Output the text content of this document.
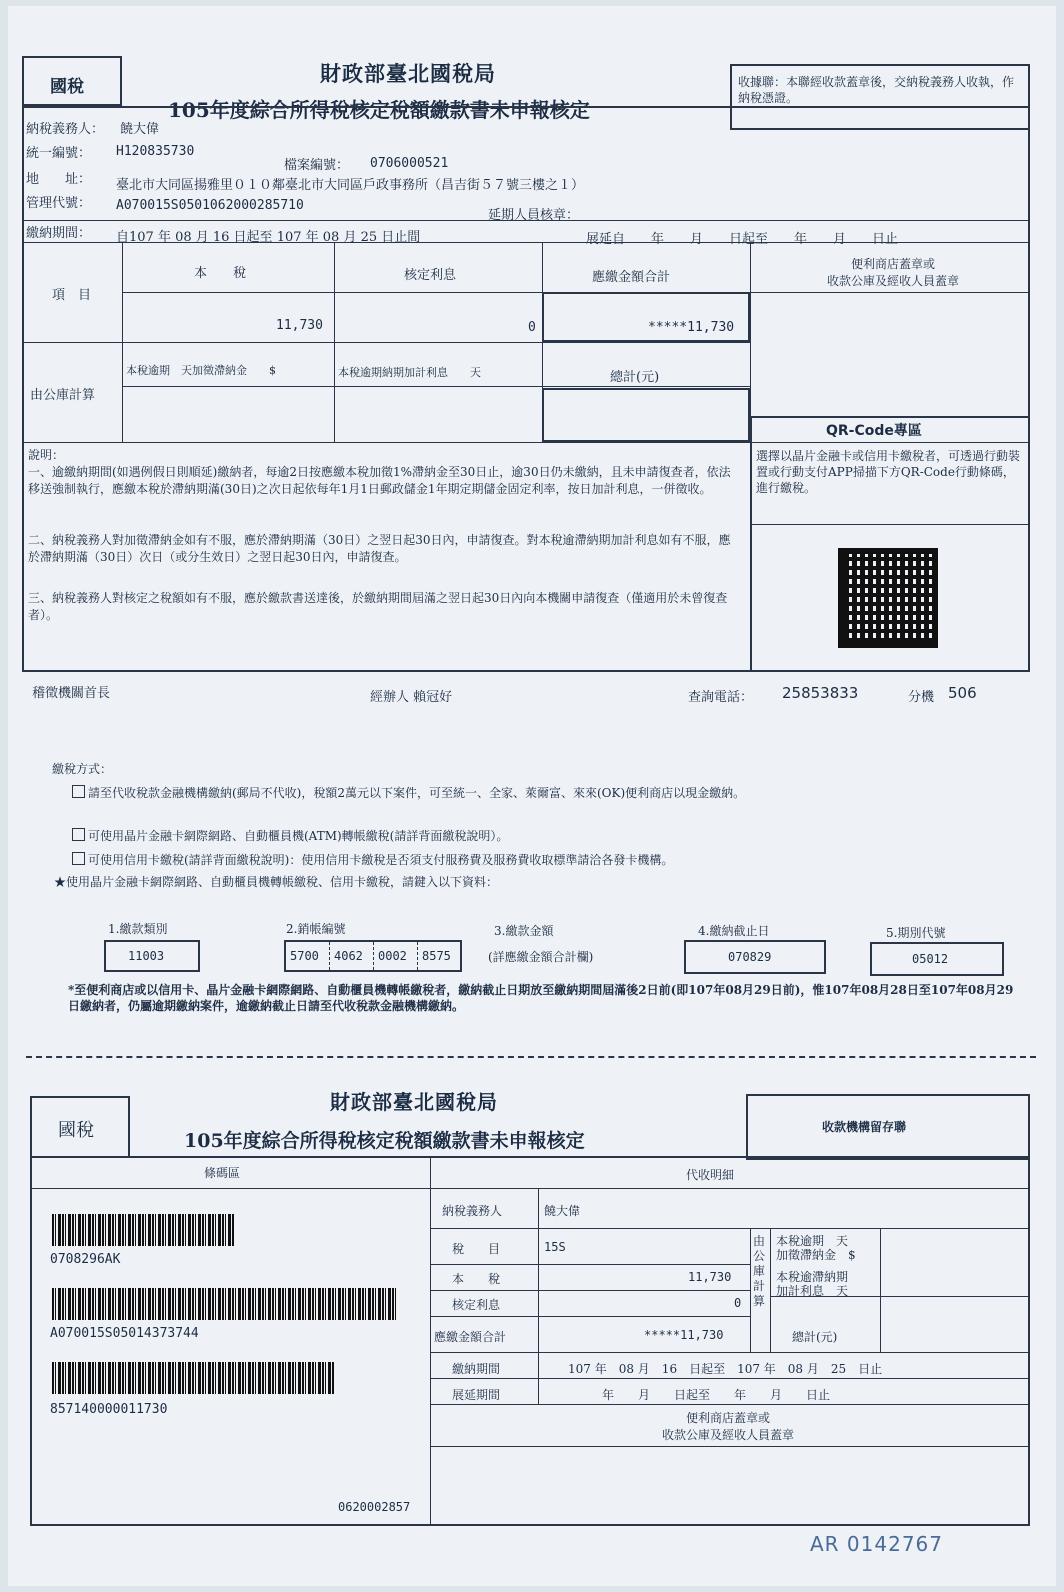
國稅
財政部臺北國稅局
105年度綜合所得稅核定稅額繳款書未申報核定
收據聯：本聯經收款蓋章後，交納稅義務人收執，作納稅憑證。
納稅義務人： 饒大偉
統一編號： H120835730
檔案編號： 0706000521
地　　址： 臺北市大同區揚雅里０１０鄰臺北市大同區戶政事務所（昌吉街５７號三樓之１）
管理代號： A070015S0501062000285710
延期人員核章：
繳納期間： 自107 年 08 月 16 日起至 107 年 08 月 25 日止間	展延自　　年　　月　　日起至　　年　　月　　日止
項　目
本　　稅	核定利息	應繳金額合計
便利商店蓋章或
收款公庫及經收人員蓋章
11,730	0	*****11,730
由公庫計算
本稅逾期　天加徵滯納金　　$	本稅逾期納期加計利息　　天	總計(元)
QR-Code專區
選擇以晶片金融卡或信用卡繳稅者，可透過行動裝置或行動支付APP掃描下方QR-Code行動條碼，進行繳稅。
說明：
一、逾繳納期間(如遇例假日則順延)繳納者，每逾2日按應繳本稅加徵1%滯納金至30日止，逾30日仍未繳納，且未申請復查者，依法移送強制執行，應繳本稅於滯納期滿(30日)之次日起依每年1月1日郵政儲金1年期定期儲金固定利率，按日加計利息，一併徵收。
二、納稅義務人對加徵滯納金如有不服，應於滯納期滿（30日）之翌日起30日內，申請復查。對本稅逾滯納期加計利息如有不服，應於滯納期滿（30日）次日（或分生效日）之翌日起30日內，申請復查。
三、納稅義務人對核定之稅額如有不服，應於繳款書送達後，於繳納期間屆滿之翌日起30日內向本機關申請復查（僅適用於未曾復查者）。
稽徵機關首長	經辦人 賴冠好	查詢電話： 25853833	分機 506
繳稅方式：
請至代收稅款金融機構繳納(郵局不代收)，稅額2萬元以下案件，可至統一、全家、萊爾富、來來(OK)便利商店以現金繳納。
可使用晶片金融卡網際網路、自動櫃員機(ATM)轉帳繳稅(請詳背面繳稅說明）。
可使用信用卡繳稅(請詳背面繳稅說明)：使用信用卡繳稅是否須支付服務費及服務費收取標準請洽各發卡機構。
★使用晶片金融卡網際網路、自動櫃員機轉帳繳稅、信用卡繳稅，請鍵入以下資料：
1.繳款類別
11003
2.銷帳編號
5700 4062 0002 8575
3.繳款金額
(詳應繳金額合計欄)
4.繳納截止日
070829
5.期別代號
05012
*至便利商店或以信用卡、晶片金融卡網際網路、自動櫃員機轉帳繳稅者，繳納截止日期放至繳納期間屆滿後2日前(即107年08月29日前)，惟107年08月28日至107年08月29日繳納者，仍屬逾期繳納案件，逾繳納截止日請至代收稅款金融機構繳納。
財政部臺北國稅局
國稅	105年度綜合所得稅核定稅額繳款書未申報核定
收款機構留存聯
條碼區	代收明細
0708296AK
A070015S05014373744
857140000011730
0620002857
納稅義務人	饒大偉
稅　　目	15S
本　　稅	11,730
核定利息	0
應繳金額合計	*****11,730
由公庫計算
本稅逾期　天
加徵滯納金　$
本稅逾滯納期
加計利息　天
總計(元)
繳納期間	107 年　08 月　16　日起至　107 年　08 月　25　日止
展延期間	年　　月　　日起至　　年　　月　　日止
便利商店蓋章或
收款公庫及經收人員蓋章
AR 0142767
